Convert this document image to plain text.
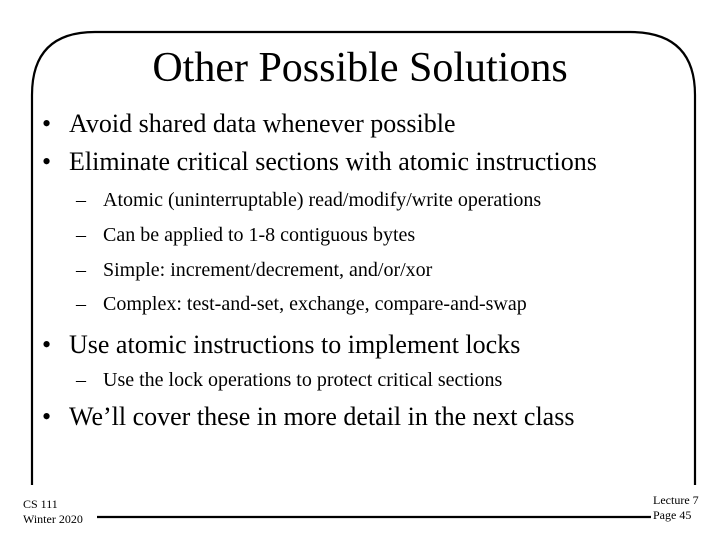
Other Possible Solutions
• Avoid shared data whenever possible
• Eliminate critical sections with atomic instructions
– Atomic (uninterruptable) read/modify/write operations
– Can be applied to 1-8 contiguous bytes
– Simple: increment/decrement, and/or/xor
– Complex: test-and-set, exchange, compare-and-swap
• Use atomic instructions to implement locks
– Use the lock operations to protect critical sections
• We’ll cover these in more detail in the next class
CS 111
Winter 2020
Lecture 7
Page 45
